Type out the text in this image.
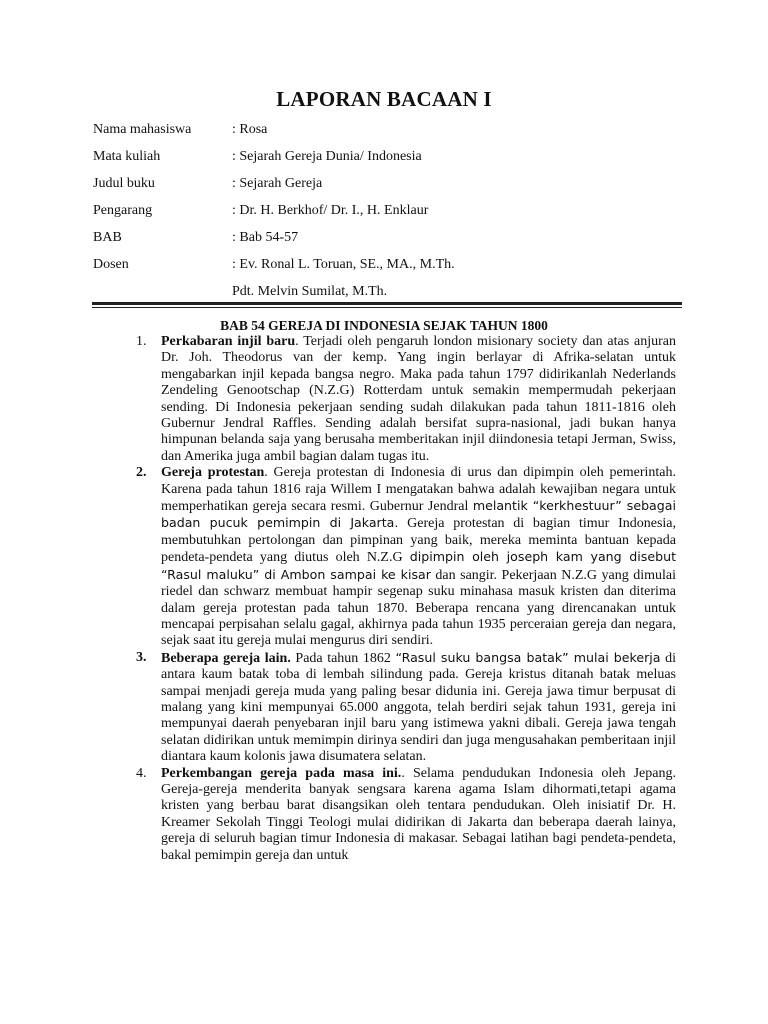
LAPORAN BACAAN I
Nama mahasiswa	: Rosa
Mata kuliah	: Sejarah Gereja Dunia/ Indonesia
Judul buku	: Sejarah Gereja
Pengarang	: Dr. H. Berkhof/ Dr. I., H. Enklaur
BAB	: Bab 54-57
Dosen	: Ev. Ronal L. Toruan, SE., MA., M.Th.
Pdt. Melvin Sumilat, M.Th.
BAB 54 GEREJA DI INDONESIA SEJAK TAHUN 1800
1. Perkabaran injil baru. Terjadi oleh pengaruh london misionary society dan atas anjuran Dr. Joh. Theodorus van der kemp. Yang ingin berlayar di Afrika-selatan untuk mengabarkan injil kepada bangsa negro. Maka pada tahun 1797 didirikanlah Nederlands Zendeling Genootschap (N.Z.G) Rotterdam untuk semakin mempermudah pekerjaan sending. Di Indonesia pekerjaan sending sudah dilakukan pada tahun 1811-1816 oleh Gubernur Jendral Raffles. Sending adalah bersifat supra-nasional, jadi bukan hanya himpunan belanda saja yang berusaha memberitakan injil diindonesia tetapi Jerman, Swiss, dan Amerika juga ambil bagian dalam tugas itu.
2. Gereja protestan. Gereja protestan di Indonesia di urus dan dipimpin oleh pemerintah. Karena pada tahun 1816 raja Willem I mengatakan bahwa adalah kewajiban negara untuk memperhatikan gereja secara resmi. Gubernur Jendral melantik “kerkhestuur” sebagai badan pucuk pemimpin di Jakarta. Gereja protestan di bagian timur Indonesia, membutuhkan pertolongan dan pimpinan yang baik, mereka meminta bantuan kepada pendeta-pendeta yang diutus oleh N.Z.G dipimpin oleh joseph kam yang disebut “Rasul maluku” di Ambon sampai ke kisar dan sangir. Pekerjaan N.Z.G yang dimulai riedel dan schwarz membuat hampir segenap suku minahasa masuk kristen dan diterima dalam gereja protestan pada tahun 1870. Beberapa rencana yang direncanakan untuk mencapai perpisahan selalu gagal, akhirnya pada tahun 1935 perceraian gereja dan negara, sejak saat itu gereja mulai mengurus diri sendiri.
3. Beberapa gereja lain. Pada tahun 1862 “Rasul suku bangsa batak” mulai bekerja di antara kaum batak toba di lembah silindung pada. Gereja kristus ditanah batak meluas sampai menjadi gereja muda yang paling besar didunia ini. Gereja jawa timur berpusat di malang yang kini mempunyai 65.000 anggota, telah berdiri sejak tahun 1931, gereja ini mempunyai daerah penyebaran injil baru yang istimewa yakni dibali. Gereja jawa tengah selatan didirikan untuk memimpin dirinya sendiri dan juga mengusahakan pemberitaan injil diantara kaum kolonis jawa disumatera selatan.
4. Perkembangan gereja pada masa ini.. Selama pendudukan Indonesia oleh Jepang. Gereja-gereja menderita banyak sengsara karena agama Islam dihormati,tetapi agama kristen yang berbau barat disangsikan oleh tentara pendudukan. Oleh inisiatif Dr. H. Kreamer Sekolah Tinggi Teologi mulai didirikan di Jakarta dan beberapa daerah lainya, gereja di seluruh bagian timur Indonesia di makasar. Sebagai latihan bagi pendeta-pendeta, bakal pemimpin gereja dan untuk
